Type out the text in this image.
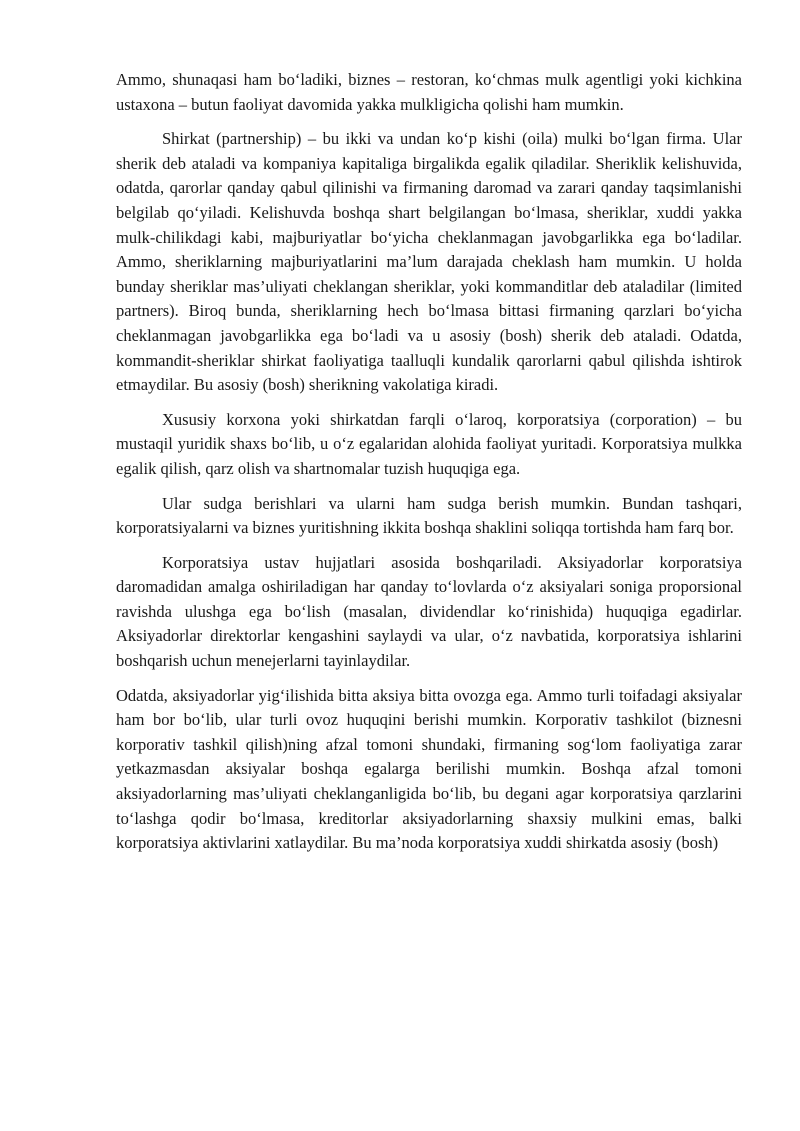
Ammo, shunaqasi ham bo‘ladiki, biznes – restoran, ko‘chmas mulk agentligi yoki kichkina ustaxona – butun faoliyat davomida yakka mulkligicha qolishi ham mumkin.

Shirkat (partnership) – bu ikki va undan ko‘p kishi (oila) mulki bo‘lgan firma. Ular sherik deb ataladi va kompaniya kapitaliga birgalikda egalik qiladilar. Sheriklik kelishuvida, odatda, qarorlar qanday qabul qilinishi va firmaning daromad va zarari qanday taqsimlanishi belgilab qo‘yiladi. Kelishuvda boshqa shart belgilangan bo‘lmasa, sheriklar, xuddi yakka mulk-chilikdagi kabi, majburiyatlar bo‘yicha cheklanmagan javobgarlikka ega bo‘ladilar. Ammo, sheriklarning majburiyatlarini ma’lum darajada cheklash ham mumkin. U holda bunday sheriklar mas’uliyati cheklangan sheriklar, yoki kommanditlar deb ataladilar (limited partners). Biroq bunda, sheriklarning hech bo‘lmasa bittasi firmaning qarzlari bo‘yicha cheklanmagan javobgarlikka ega bo‘ladi va u asosiy (bosh) sherik deb ataladi. Odatda, kommandit-sheriklar shirkat faoliyatiga taalluqli kundalik qarorlarni qabul qilishda ishtirok etmaydilar. Bu asosiy (bosh) sherikning vakolatiga kiradi.

Xususiy korxona yoki shirkatdan farqli o‘laroq, korporatsiya (corporation) – bu mustaqil yuridik shaxs bo‘lib, u o‘z egalaridan alohida faoliyat yuritadi. Korporatsiya mulkka egalik qilish, qarz olish va shartnomalar tuzish huquqiga ega.

Ular sudga berishlari va ularni ham sudga berish mumkin. Bundan tashqari, korporatsiyalarni va biznes yuritishning ikkita boshqa shaklini soliqqa tortishda ham farq bor.

Korporatsiya ustav hujjatlari asosida boshqariladi. Aksiyadorlar korporatsiya daromadidan amalga oshiriladigan har qanday to‘lovlarda o‘z aksiyalari soniga proporsional ravishda ulushga ega bo‘lish (masalan, dividendlar ko‘rinishida) huquqiga egadirlar. Aksiyadorlar direktorlar kengashini saylaydi va ular, o‘z navbatida, korporatsiya ishlarini boshqarish uchun menejerlarni tayinlaydilar.

Odatda, aksiyadorlar yig‘ilishida bitta aksiya bitta ovozga ega. Ammo turli toifadagi aksiyalar ham bor bo‘lib, ular turli ovoz huquqini berishi mumkin. Korporativ tashkilot (biznesni korporativ tashkil qilish)ning afzal tomoni shundaki, firmaning sog‘lom faoliyatiga zarar yetkazmasdan aksiyalar boshqa egalarga berilishi mumkin. Boshqa afzal tomoni aksiyadorlarning mas’uliyati cheklanganligida bo‘lib, bu degani agar korporatsiya qarzlarini to‘lashga qodir bo‘lmasa, kreditorlar aksiyadorlarning shaxsiy mulkini emas, balki korporatsiya aktivlarini xatlaydilar. Bu ma’noda korporatsiya xuddi shirkatda asosiy (bosh)
